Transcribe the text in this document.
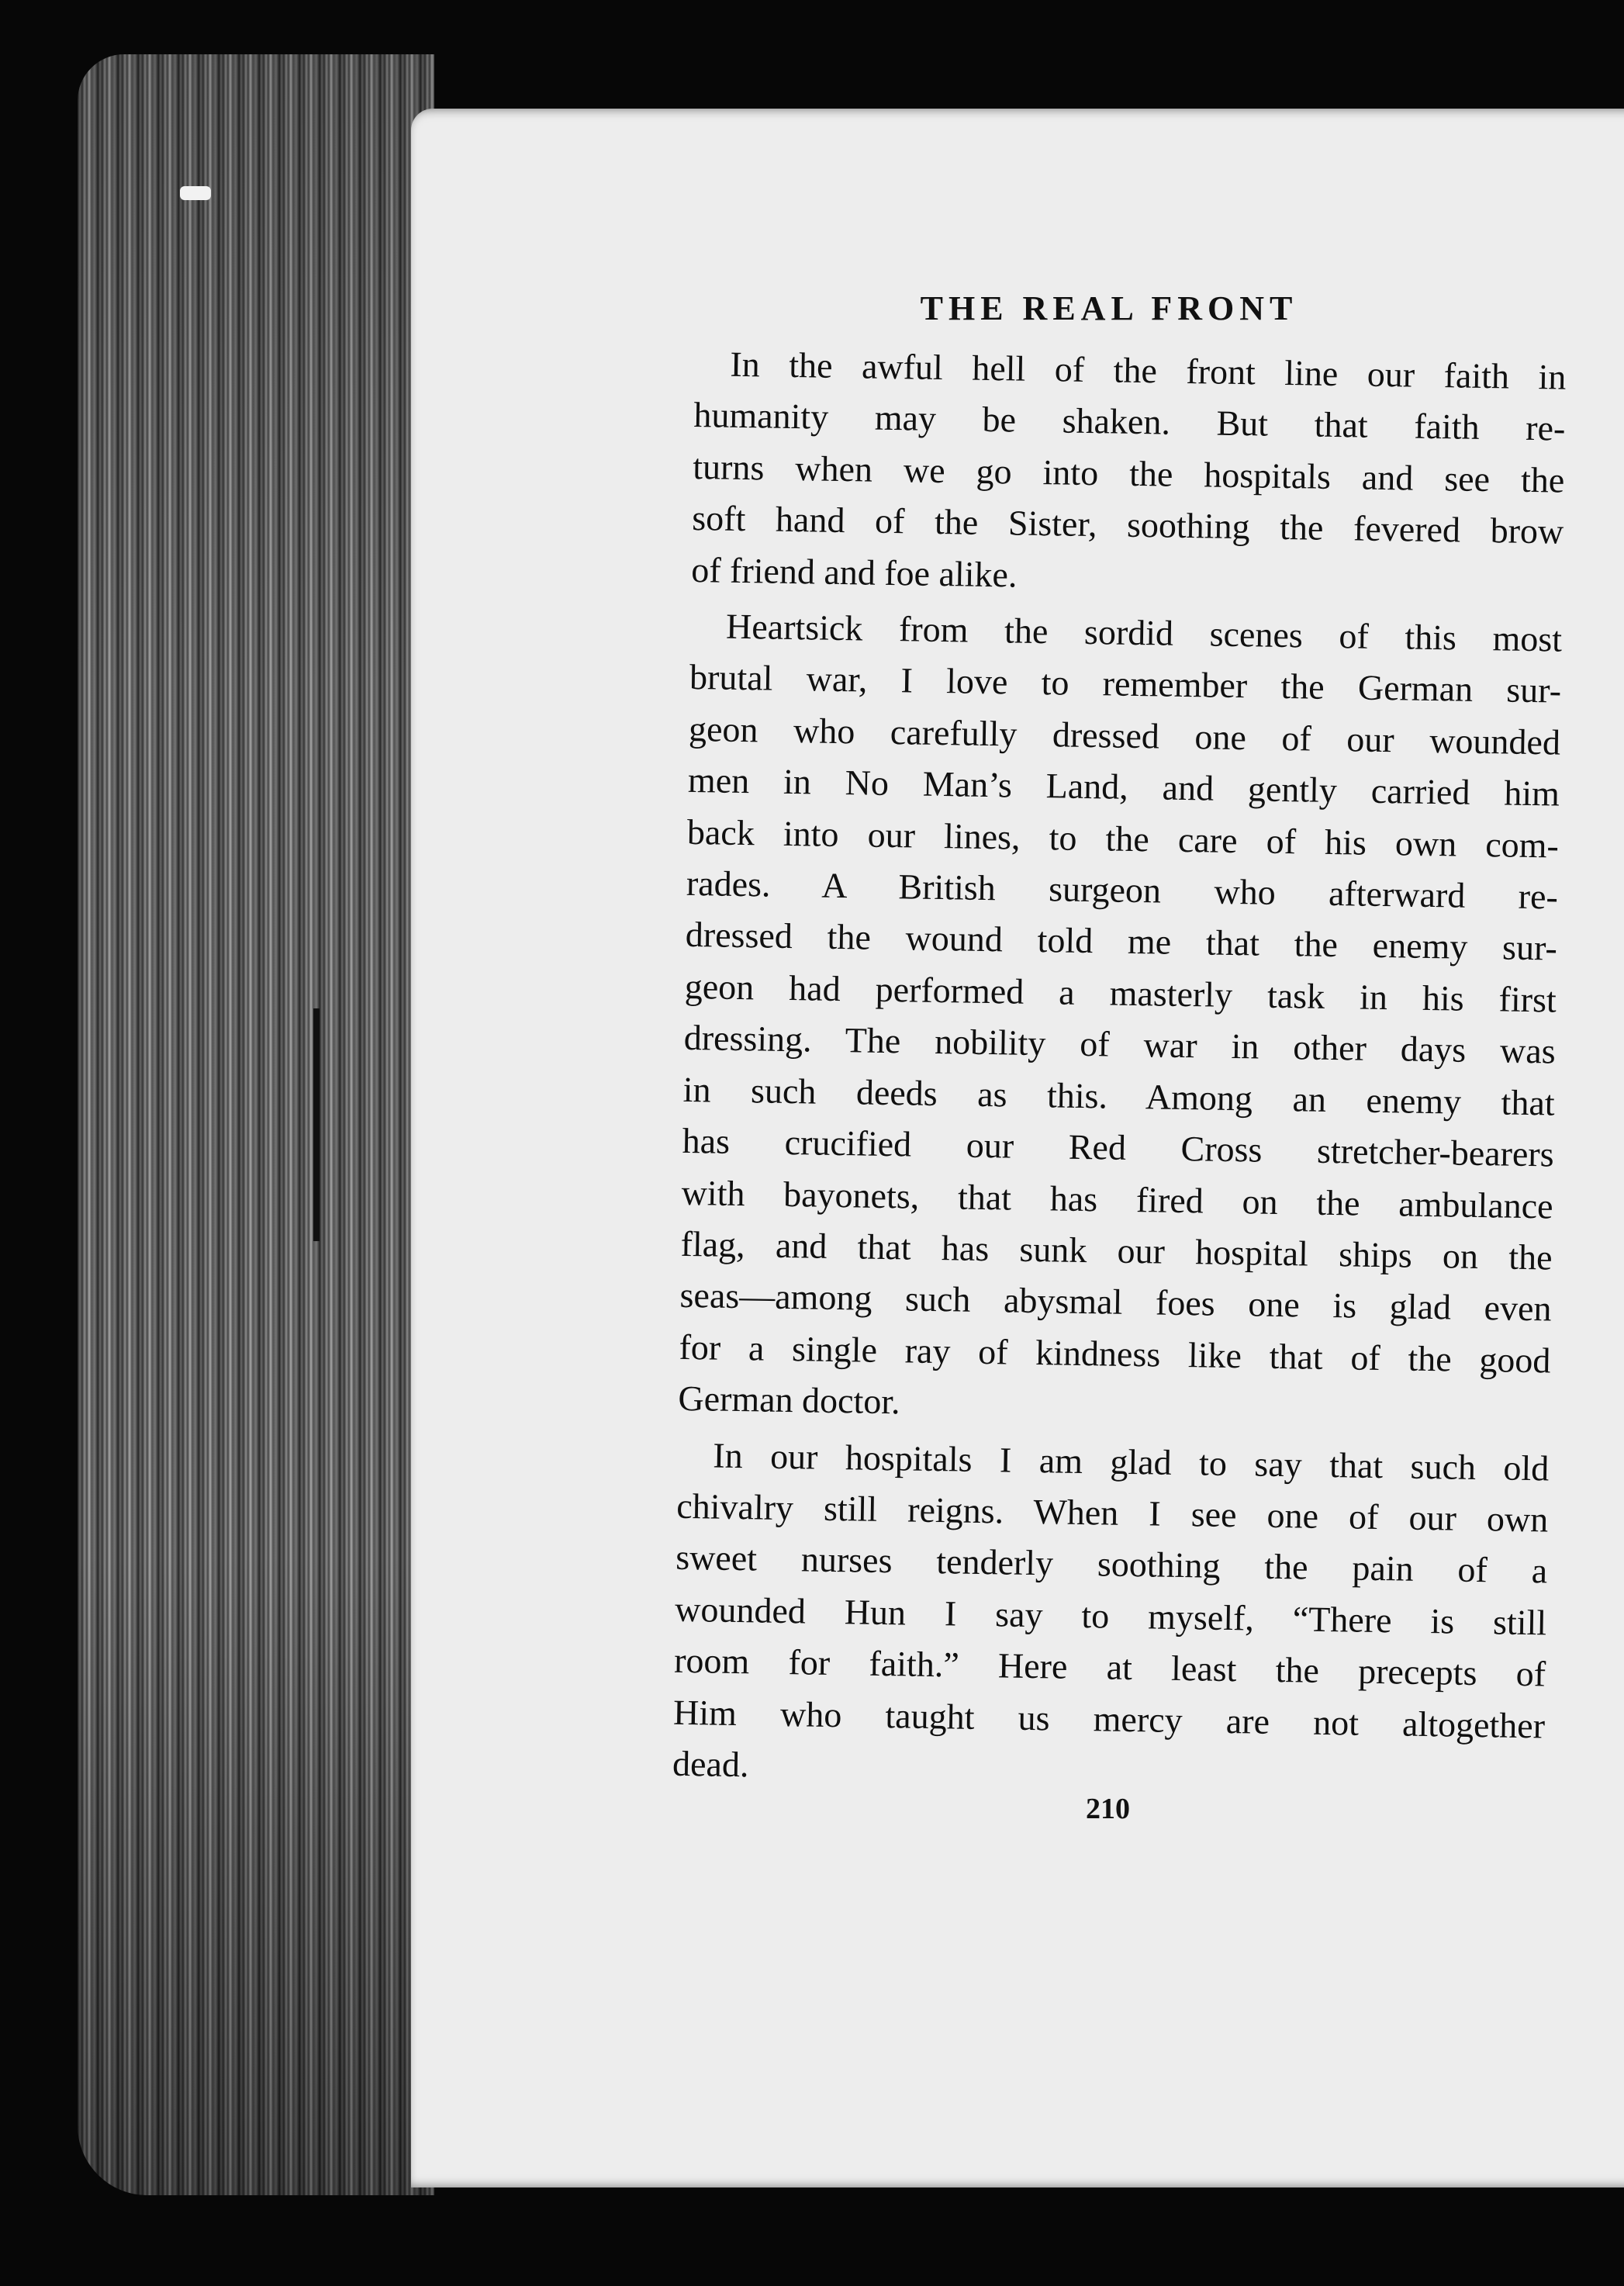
THE REAL FRONT
In the awful hell of the front line our faith in
humanity may be shaken. But that faith re-
turns when we go into the hospitals and see the
soft hand of the Sister, soothing the fevered brow
of friend and foe alike.
Heartsick from the sordid scenes of this most
brutal war, I love to remember the German sur-
geon who carefully dressed one of our wounded
men in No Man’s Land, and gently carried him
back into our lines, to the care of his own com-
rades. A British surgeon who afterward re-
dressed the wound told me that the enemy sur-
geon had performed a masterly task in his first
dressing. The nobility of war in other days was
in such deeds as this. Among an enemy that
has crucified our Red Cross stretcher-bearers
with bayonets, that has fired on the ambulance
flag, and that has sunk our hospital ships on the
seas—among such abysmal foes one is glad even
for a single ray of kindness like that of the good
German doctor.
In our hospitals I am glad to say that such old
chivalry still reigns. When I see one of our own
sweet nurses tenderly soothing the pain of a
wounded Hun I say to myself, “There is still
room for faith.” Here at least the precepts of
Him who taught us mercy are not altogether
dead.
210
